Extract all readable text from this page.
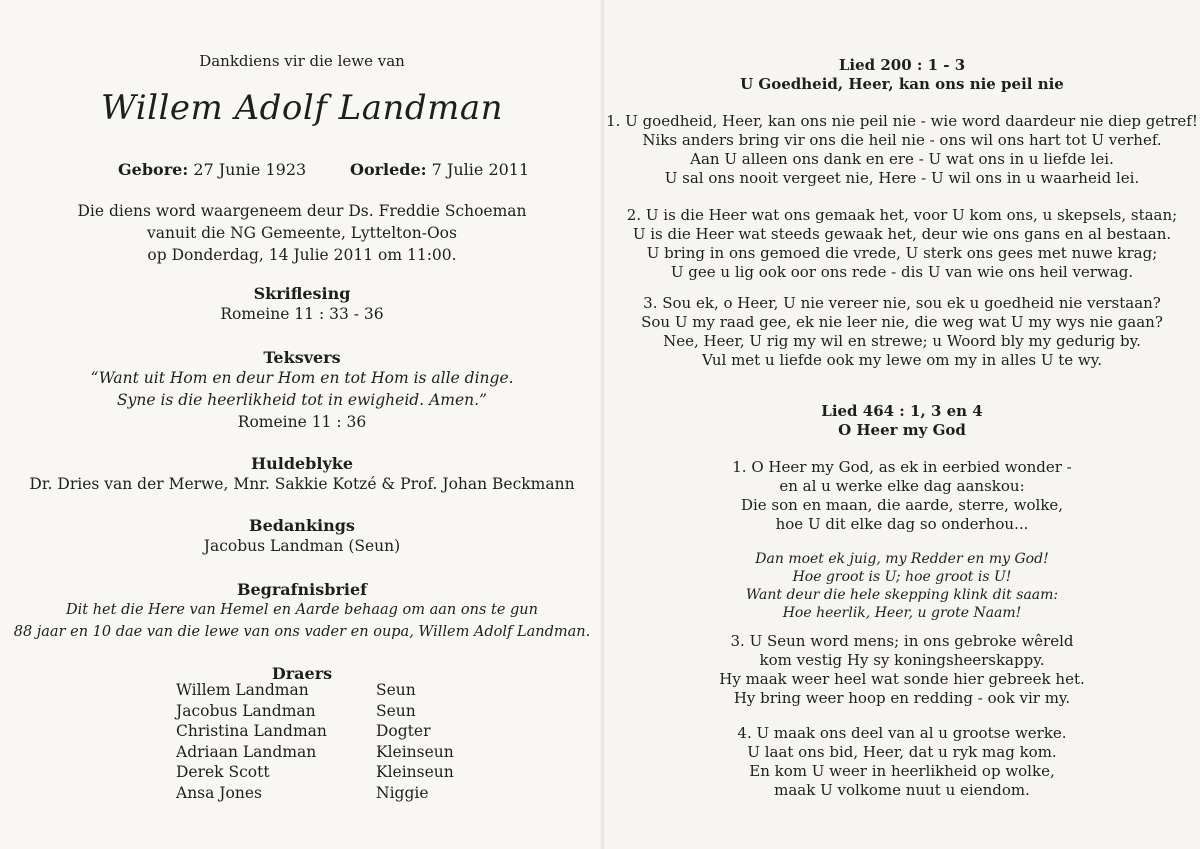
Dankdiens vir die lewe van
Willem Adolf Landman
Gebore: 27 Junie 1923	Oorlede: 7 Julie 2011
Die diens word waargeneem deur Ds. Freddie Schoeman
vanuit die NG Gemeente, Lyttelton-Oos
op Donderdag, 14 Julie 2011 om 11:00.
Skriflesing
Romeine 11 : 33 - 36
Teksvers
“Want uit Hom en deur Hom en tot Hom is alle dinge.
Syne is die heerlikheid tot in ewigheid. Amen.”
Romeine 11 : 36
Huldeblyke
Dr. Dries van der Merwe, Mnr. Sakkie Kotzé & Prof. Johan Beckmann
Bedankings
Jacobus Landman (Seun)
Begrafnisbrief
Dit het die Here van Hemel en Aarde behaag om aan ons te gun
88 jaar en 10 dae van die lewe van ons vader en oupa, Willem Adolf Landman.
Draers
Willem Landman
Jacobus Landman
Christina Landman
Adriaan Landman
Derek Scott
Ansa Jones
Seun
Seun
Dogter
Kleinseun
Kleinseun
Niggie
Lied 200 : 1 - 3
U Goedheid, Heer, kan ons nie peil nie
1. U goedheid, Heer, kan ons nie peil nie - wie word daardeur nie diep getref!
Niks anders bring vir ons die heil nie - ons wil ons hart tot U verhef.
Aan U alleen ons dank en ere - U wat ons in u liefde lei.
U sal ons nooit vergeet nie, Here - U wil ons in u waarheid lei.
2. U is die Heer wat ons gemaak het, voor U kom ons, u skepsels, staan;
U is die Heer wat steeds gewaak het, deur wie ons gans en al bestaan.
U bring in ons gemoed die vrede, U sterk ons gees met nuwe krag;
U gee u lig ook oor ons rede - dis U van wie ons heil verwag.
3. Sou ek, o Heer, U nie vereer nie, sou ek u goedheid nie verstaan?
Sou U my raad gee, ek nie leer nie, die weg wat U my wys nie gaan?
Nee, Heer, U rig my wil en strewe; u Woord bly my gedurig by.
Vul met u liefde ook my lewe om my in alles U te wy.
Lied 464 : 1, 3 en 4
O Heer my God
1. O Heer my God, as ek in eerbied wonder -
en al u werke elke dag aanskou:
Die son en maan, die aarde, sterre, wolke,
hoe U dit elke dag so onderhou...
Dan moet ek juig, my Redder en my God!
Hoe groot is U; hoe groot is U!
Want deur die hele skepping klink dit saam:
Hoe heerlik, Heer, u grote Naam!
3. U Seun word mens; in ons gebroke wêreld
kom vestig Hy sy koningsheerskappy.
Hy maak weer heel wat sonde hier gebreek het.
Hy bring weer hoop en redding - ook vir my.
4. U maak ons deel van al u grootse werke.
U laat ons bid, Heer, dat u ryk mag kom.
En kom U weer in heerlikheid op wolke,
maak U volkome nuut u eiendom.
